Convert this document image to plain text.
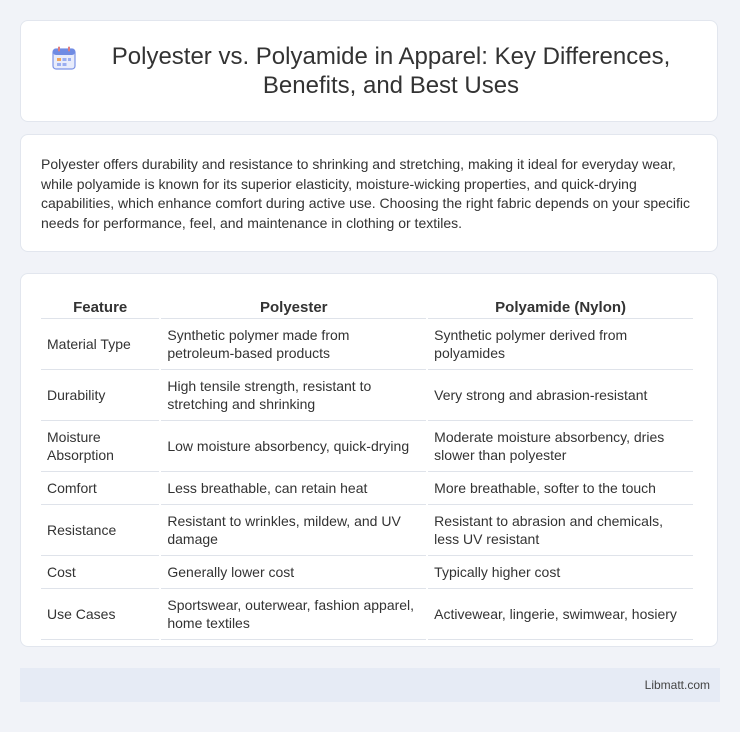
Polyester vs. Polyamide in Apparel: Key Differences, Benefits, and Best Uses

Polyester offers durability and resistance to shrinking and stretching, making it ideal for everyday wear, while polyamide is known for its superior elasticity, moisture-wicking properties, and quick-drying capabilities, which enhance comfort during active use. Choosing the right fabric depends on your specific needs for performance, feel, and maintenance in clothing or textiles.

Feature	Polyester	Polyamide (Nylon)
Material Type	Synthetic polymer made from petroleum-based products	Synthetic polymer derived from polyamides
Durability	High tensile strength, resistant to stretching and shrinking	Very strong and abrasion-resistant
Moisture Absorption	Low moisture absorbency, quick-drying	Moderate moisture absorbency, dries slower than polyester
Comfort	Less breathable, can retain heat	More breathable, softer to the touch
Resistance	Resistant to wrinkles, mildew, and UV damage	Resistant to abrasion and chemicals, less UV resistant
Cost	Generally lower cost	Typically higher cost
Use Cases	Sportswear, outerwear, fashion apparel, home textiles	Activewear, lingerie, swimwear, hosiery
Libmatt.com
